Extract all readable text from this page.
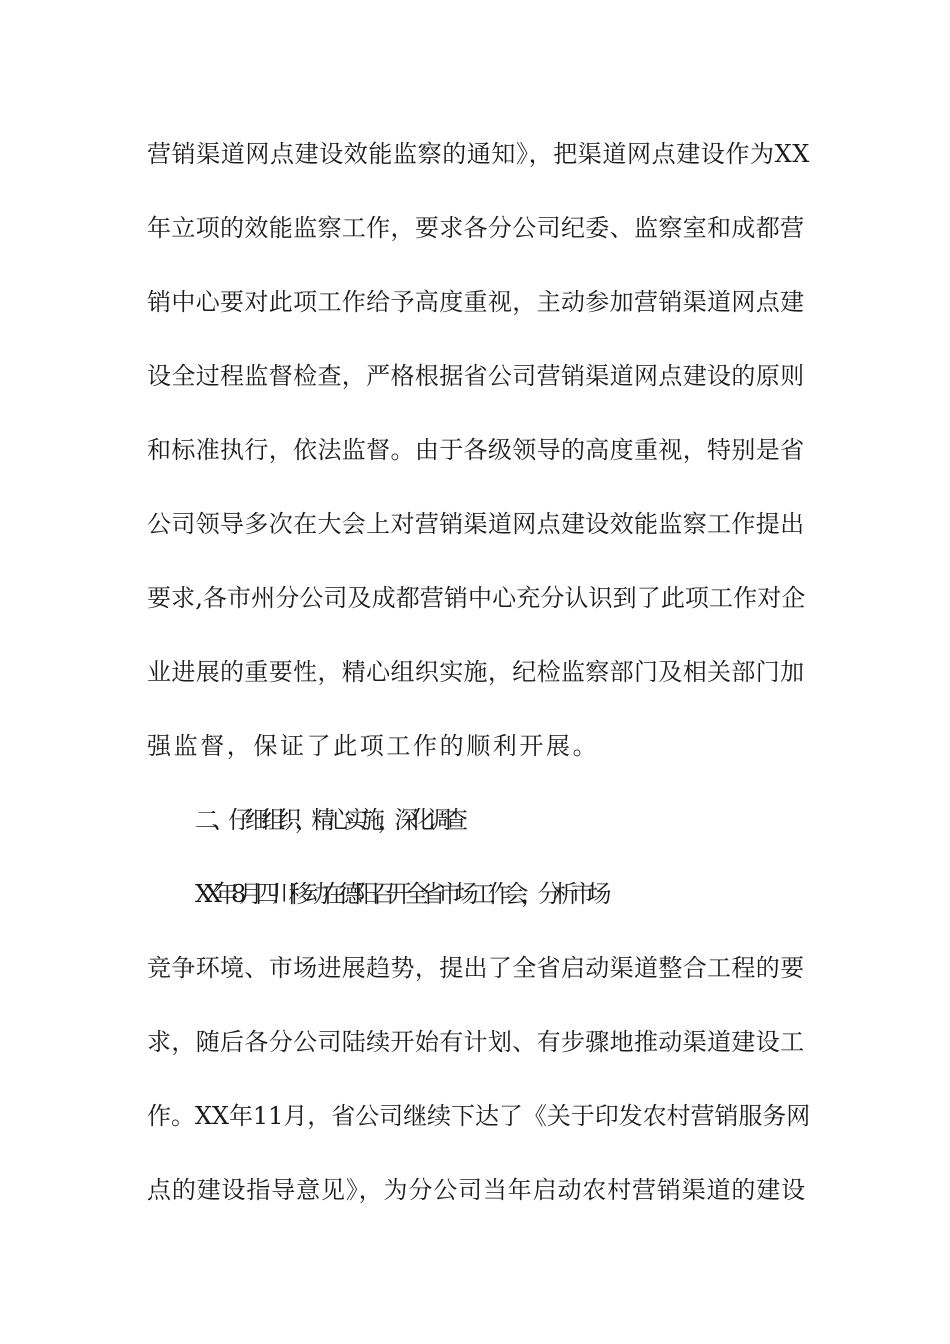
营销渠道网点建设效能监察的通知》，把渠道网点建设作为XX
年立项的效能监察工作，要求各分公司纪委、监察室和成都营
销中心要对此项工作给予高度重视，主动参加营销渠道网点建
设全过程监督检查，严格根据省公司营销渠道网点建设的原则
和标准执行，依法监督。由于各级领导的高度重视，特别是省
公司领导多次在大会上对营销渠道网点建设效能监察工作提出
要求,各市州分公司及成都营销中心充分认识到了此项工作对企
业进展的重要性，精心组织实施，纪检监察部门及相关部门加
强监督，保证了此项工作的顺利开展。
二、仔细组织，精心实施，深化调查
XX年8月四川移动在德阳召开全省市场工作会，分析市场
竞争环境、市场进展趋势，提出了全省启动渠道整合工程的要
求，随后各分公司陆续开始有计划、有步骤地推动渠道建设工
作。XX年11月，省公司继续下达了《关于印发农村营销服务网
点的建设指导意见》，为分公司当年启动农村营销渠道的建设
